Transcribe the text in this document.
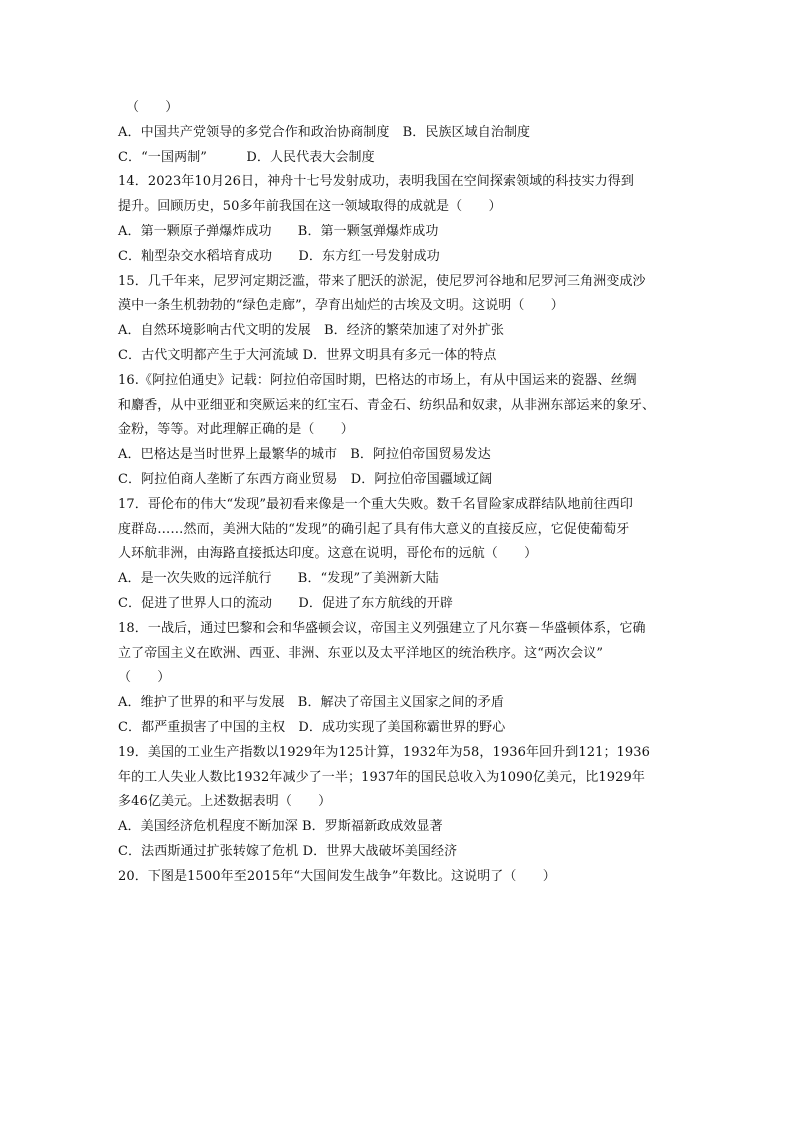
（　　）
A．中国共产党领导的多党合作和政治协商制度　B．民族区域自治制度
C．“一国两制”　　　D．人民代表大会制度
14．2023年10月26日，神舟十七号发射成功，表明我国在空间探索领域的科技实力得到
提升。回顾历史，50多年前我国在这一领域取得的成就是（　　）
A．第一颗原子弹爆炸成功　　B．第一颗氢弹爆炸成功
C．籼型杂交水稻培育成功　　D．东方红一号发射成功
15．几千年来，尼罗河定期泛滥，带来了肥沃的淤泥，使尼罗河谷地和尼罗河三角洲变成沙
漠中一条生机勃勃的“绿色走廊”，孕育出灿烂的古埃及文明。这说明（　　）
A．自然环境影响古代文明的发展　B．经济的繁荣加速了对外扩张
C．古代文明都产生于大河流域 D．世界文明具有多元一体的特点
16.《阿拉伯通史》记载：阿拉伯帝国时期，巴格达的市场上，有从中国运来的瓷器、丝绸
和麝香，从中亚细亚和突厥运来的红宝石、青金石、纺织品和奴隶，从非洲东部运来的象牙、
金粉，等等。对此理解正确的是（　　）
A．巴格达是当时世界上最繁华的城市　B．阿拉伯帝国贸易发达
C．阿拉伯商人垄断了东西方商业贸易　D．阿拉伯帝国疆域辽阔
17．哥伦布的伟大“发现”最初看来像是一个重大失败。数千名冒险家成群结队地前往西印
度群岛……然而，美洲大陆的“发现”的确引起了具有伟大意义的直接反应，它促使葡萄牙
人环航非洲，由海路直接抵达印度。这意在说明，哥伦布的远航（　　）
A．是一次失败的远洋航行　　B．“发现”了美洲新大陆
C．促进了世界人口的流动　　D．促进了东方航线的开辟
18．一战后，通过巴黎和会和华盛顿会议，帝国主义列强建立了凡尔赛－华盛顿体系，它确
立了帝国主义在欧洲、西亚、非洲、东亚以及太平洋地区的统治秩序。这“两次会议”
（　　）
A．维护了世界的和平与发展　B．解决了帝国主义国家之间的矛盾
C．都严重损害了中国的主权　D．成功实现了美国称霸世界的野心
19．美国的工业生产指数以1929年为125计算，1932年为58，1936年回升到121；1936
年的工人失业人数比1932年减少了一半；1937年的国民总收入为1090亿美元，比1929年
多46亿美元。上述数据表明（　　）
A．美国经济危机程度不断加深 B．罗斯福新政成效显著
C．法西斯通过扩张转嫁了危机 D．世界大战破坏美国经济
20．下图是1500年至2015年“大国间发生战争”年数比。这说明了（　　）
